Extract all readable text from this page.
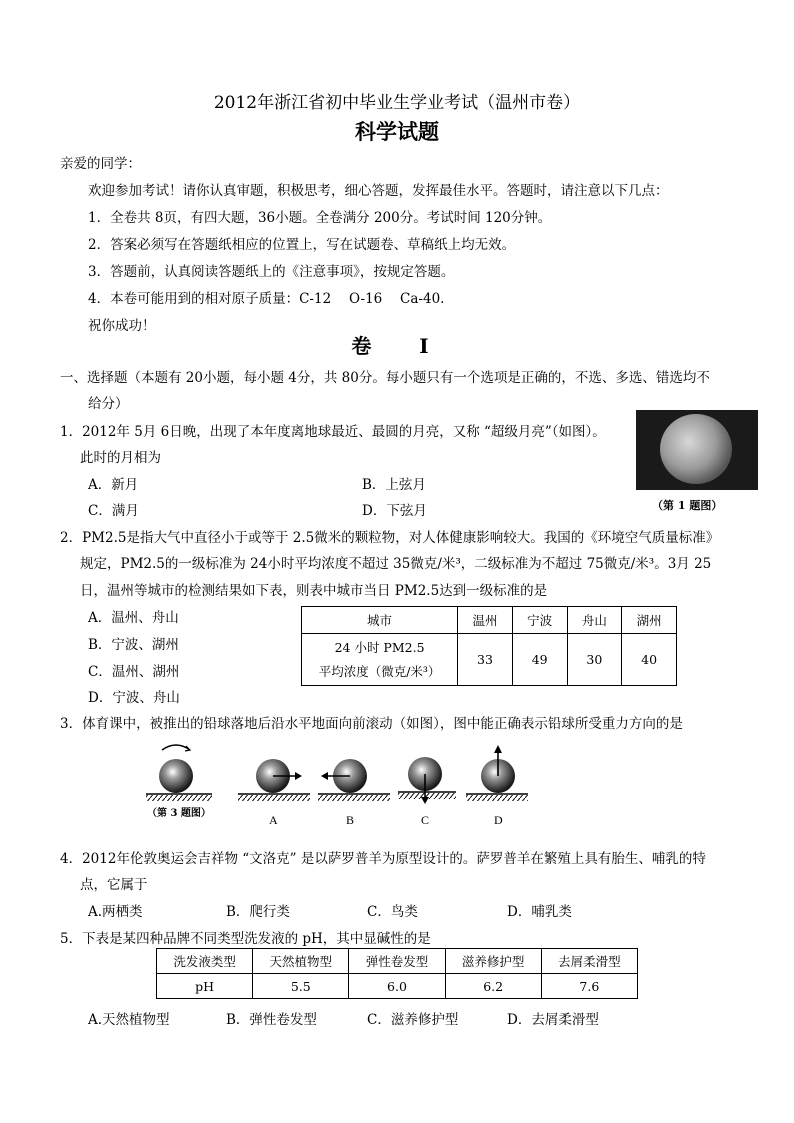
2012年浙江省初中毕业生学业考试（温州市卷）
科学试题
亲爱的同学：
欢迎参加考试！请你认真审题，积极思考，细心答题，发挥最佳水平。答题时，请注意以下几点：
1．全卷共 8页，有四大题，36小题。全卷满分 200分。考试时间 120分钟。
2．答案必须写在答题纸相应的位置上，写在试题卷、草稿纸上均无效。
3．答题前，认真阅读答题纸上的《注意事项》，按规定答题。
4．本卷可能用到的相对原子质量：C-12　 O-16　 Ca-40.
祝你成功！
卷　I
一、选择题（本题有 20小题，每小题 4分，共 80分。每小题只有一个选项是正确的，不选、多选、错选均不
给分）
1．2012年 5月 6日晚，出现了本年度离地球最近、最圆的月亮，又称 “超级月亮”（如图）。
此时的月相为
A．新月	B．上弦月
C．满月	D．下弦月	（第 1 题图）
2．PM2.5是指大气中直径小于或等于 2.5微米的颗粒物，对人体健康影响较大。我国的《环境空气质量标准》
规定，PM2.5的一级标准为 24小时平均浓度不超过 35微克/米³，二级标准为不超过 75微克/米³。3月 25
日，温州等城市的检测结果如下表，则表中城市当日 PM2.5达到一级标准的是
A．温州、舟山
B．宁波、湖州
C．温州、湖州
D．宁波、舟山
城市	温州	宁波	舟山	湖州

24 小时 PM2.5
平均浓度（微克/米³）	33	49	30	40
3．体育课中，被推出的铅球落地后沿水平地面向前滚动（如图），图中能正确表示铅球所受重力方向的是
（第 3 题图）	A	B	C	D
4．2012年伦敦奥运会吉祥物 “文洛克” 是以萨罗普羊为原型设计的。萨罗普羊在繁殖上具有胎生、哺乳的特
点，它属于
A.两栖类	B．爬行类	C．鸟类	D．哺乳类
5．下表是某四种品牌不同类型洗发液的 pH，其中显碱性的是
洗发液类型	天然植物型	弹性卷发型	滋养修护型	去屑柔滑型
pH	5.5	6.0	6.2	7.6
A.天然植物型	B．弹性卷发型	C．滋养修护型	D．去屑柔滑型
